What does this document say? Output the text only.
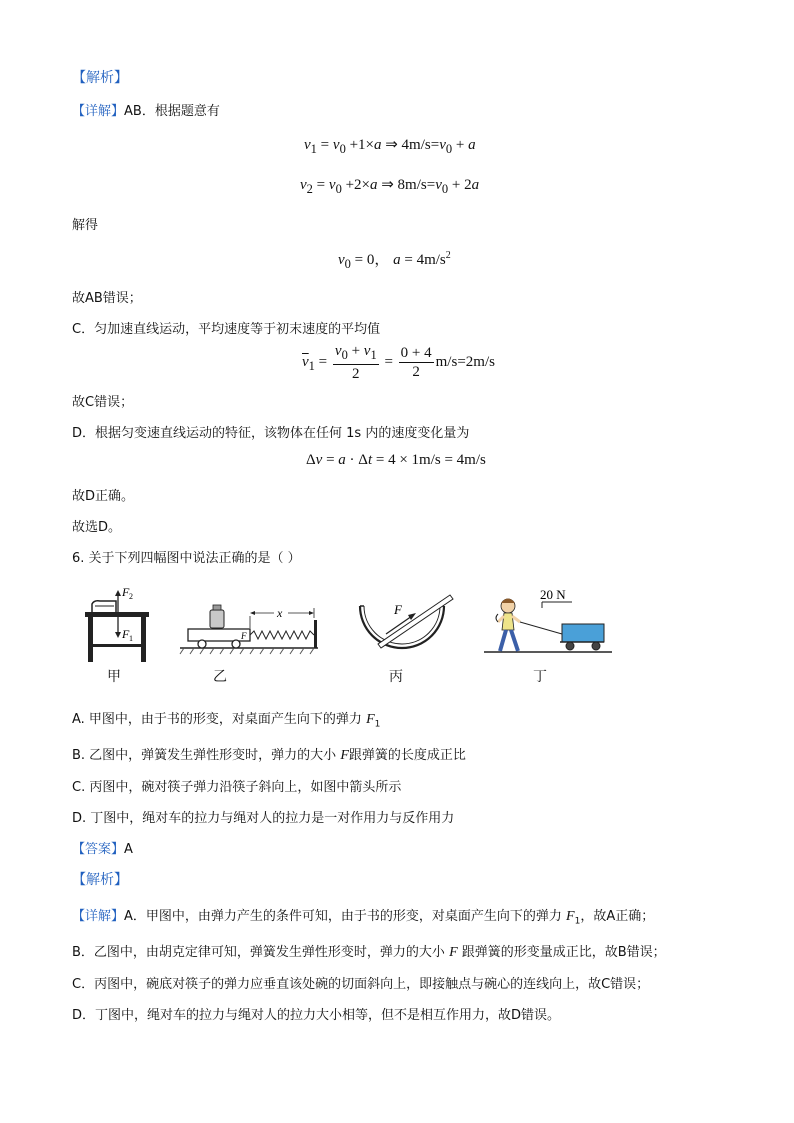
【解析】
【详解】AB．根据题意有
$v_1 = v_0 +1\times a$ ⇒ $4m/s=v_0 + a$
$v_2 = v_0 +2\times a$ ⇒ $8m/s=v_0 + 2a$
解得
$v_0 = 0$， $a = 4m/s^2$
故AB错误；
C．匀加速直线运动，平均速度等于初末速度的平均值
$\overline{v}_1 = \frac{v_0 + v_1}{2} = \frac{0 + 4}{2} m/s=2m/s$
故C错误；
D．根据匀变速直线运动的特征，该物体在任何 1s 内的速度变化量为
Δv = a · Δt = 4 × 1m/s = 4m/s
故D正确。
故选D。
6. 关于下列四幅图中说法正确的是（ ）
F 2
F 1
甲
x
F
乙
F
丙
20 N
丁
A. 甲图中，由于书的形变，对桌面产生向下的弹力 $F_1$
B. 乙图中，弹簧发生弹性形变时，弹力的大小 F跟弹簧的长度成正比
C. 丙图中，碗对筷子弹力沿筷子斜向上，如图中箭头所示
D. 丁图中，绳对车的拉力与绳对人的拉力是一对作用力与反作用力
【答案】A
【解析】
【详解】A．甲图中，由弹力产生的条件可知，由于书的形变，对桌面产生向下的弹力 $F_1$，故A正确；
B．乙图中，由胡克定律可知，弹簧发生弹性形变时，弹力的大小 F 跟弹簧的形变量成正比，故B错误；
C．丙图中，碗底对筷子的弹力应垂直该处碗的切面斜向上，即接触点与碗心的连线向上，故C错误；
D．丁图中，绳对车的拉力与绳对人的拉力大小相等，但不是相互作用力，故D错误。
